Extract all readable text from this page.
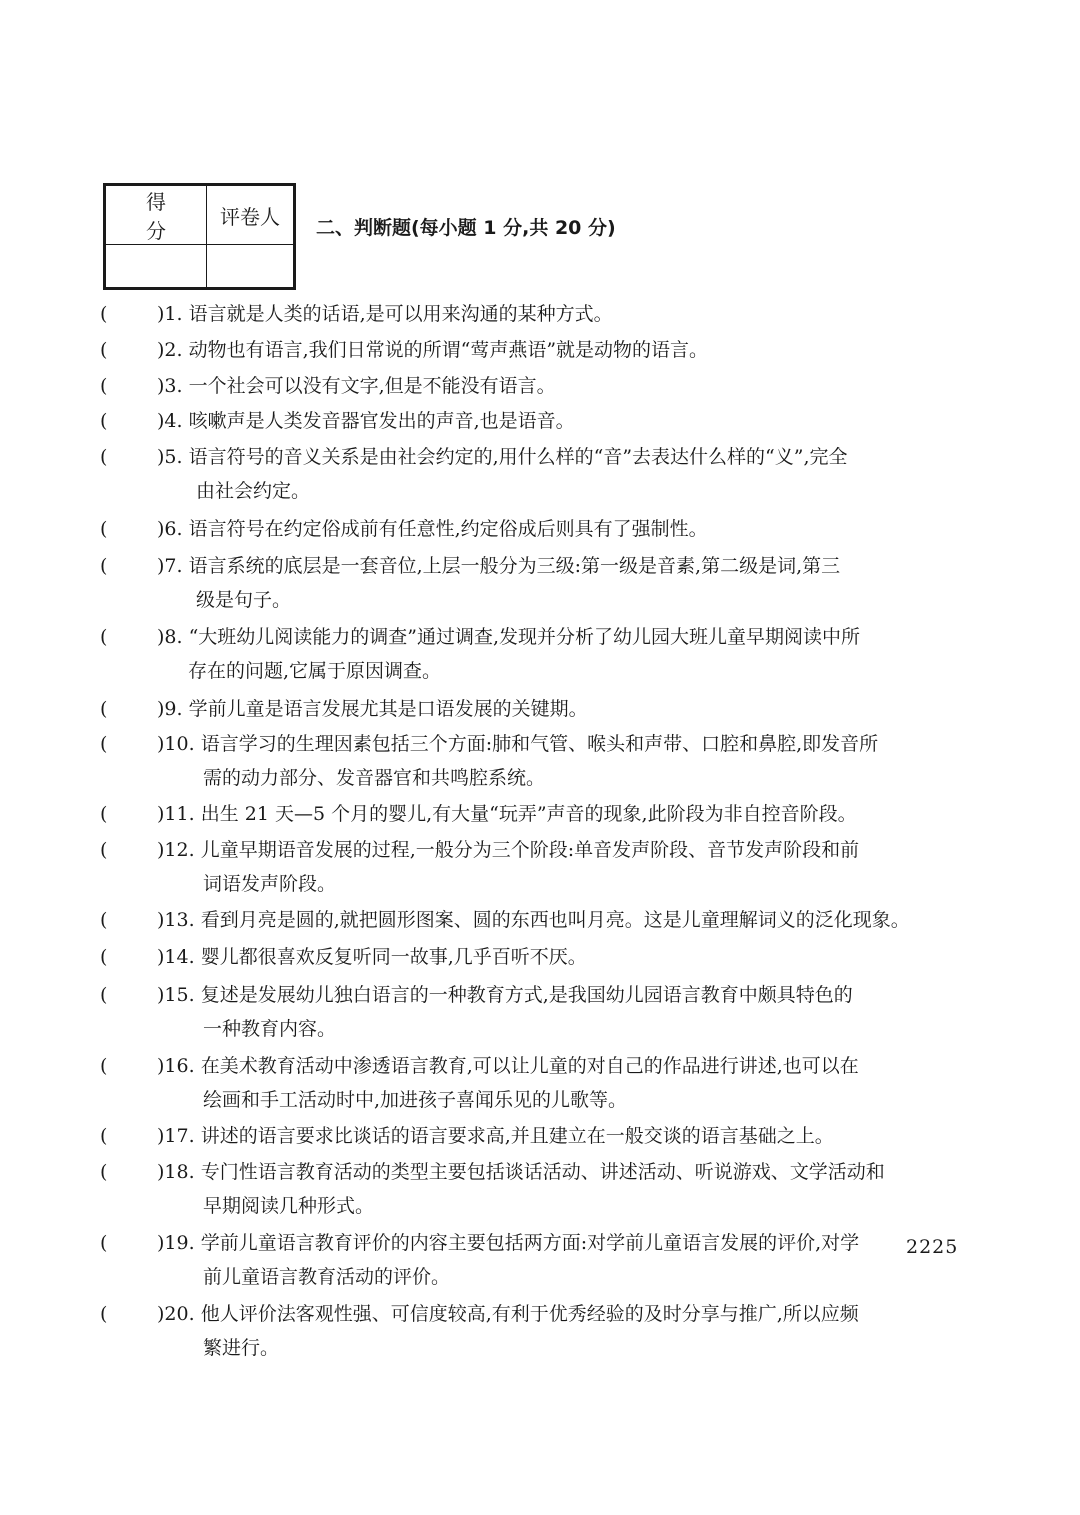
得 分	评卷人
	二、判断题(每小题 1 分,共 20 分)
(	)1. 语言就是人类的话语,是可以用来沟通的某种方式。
(	)2. 动物也有语言,我们日常说的所谓“莺声燕语”就是动物的语言。
(	)3. 一个社会可以没有文字,但是不能没有语言。
(	)4. 咳嗽声是人类发音器官发出的声音,也是语音。
(	)5. 语言符号的音义关系是由社会约定的,用什么样的“音”去表达什么样的“义”,完全
由社会约定。
(	)6. 语言符号在约定俗成前有任意性,约定俗成后则具有了强制性。
(	)7. 语言系统的底层是一套音位,上层一般分为三级:第一级是音素,第二级是词,第三
级是句子。
(	)8. “大班幼儿阅读能力的调查”通过调查,发现并分析了幼儿园大班儿童早期阅读中所
存在的问题,它属于原因调查。
(	)9. 学前儿童是语言发展尤其是口语发展的关键期。
(	)10. 语言学习的生理因素包括三个方面:肺和气管、喉头和声带、口腔和鼻腔,即发音所
需的动力部分、发音器官和共鸣腔系统。
(	)11. 出生 21 天—5 个月的婴儿,有大量“玩弄”声音的现象,此阶段为非自控音阶段。
(	)12. 儿童早期语音发展的过程,一般分为三个阶段:单音发声阶段、音节发声阶段和前
词语发声阶段。
(	)13. 看到月亮是圆的,就把圆形图案、圆的东西也叫月亮。这是儿童理解词义的泛化现象。
(	)14. 婴儿都很喜欢反复听同一故事,几乎百听不厌。
(	)15. 复述是发展幼儿独白语言的一种教育方式,是我国幼儿园语言教育中颇具特色的
一种教育内容。
(	)16. 在美术教育活动中渗透语言教育,可以让儿童的对自己的作品进行讲述,也可以在
绘画和手工活动时中,加进孩子喜闻乐见的儿歌等。
(	)17. 讲述的语言要求比谈话的语言要求高,并且建立在一般交谈的语言基础之上。
(	)18. 专门性语言教育活动的类型主要包括谈话活动、讲述活动、听说游戏、文学活动和
早期阅读几种形式。
(	)19. 学前儿童语言教育评价的内容主要包括两方面:对学前儿童语言发展的评价,对学
前儿童语言教育活动的评价。
(	)20. 他人评价法客观性强、可信度较高,有利于优秀经验的及时分享与推广,所以应频
繁进行。
2225
